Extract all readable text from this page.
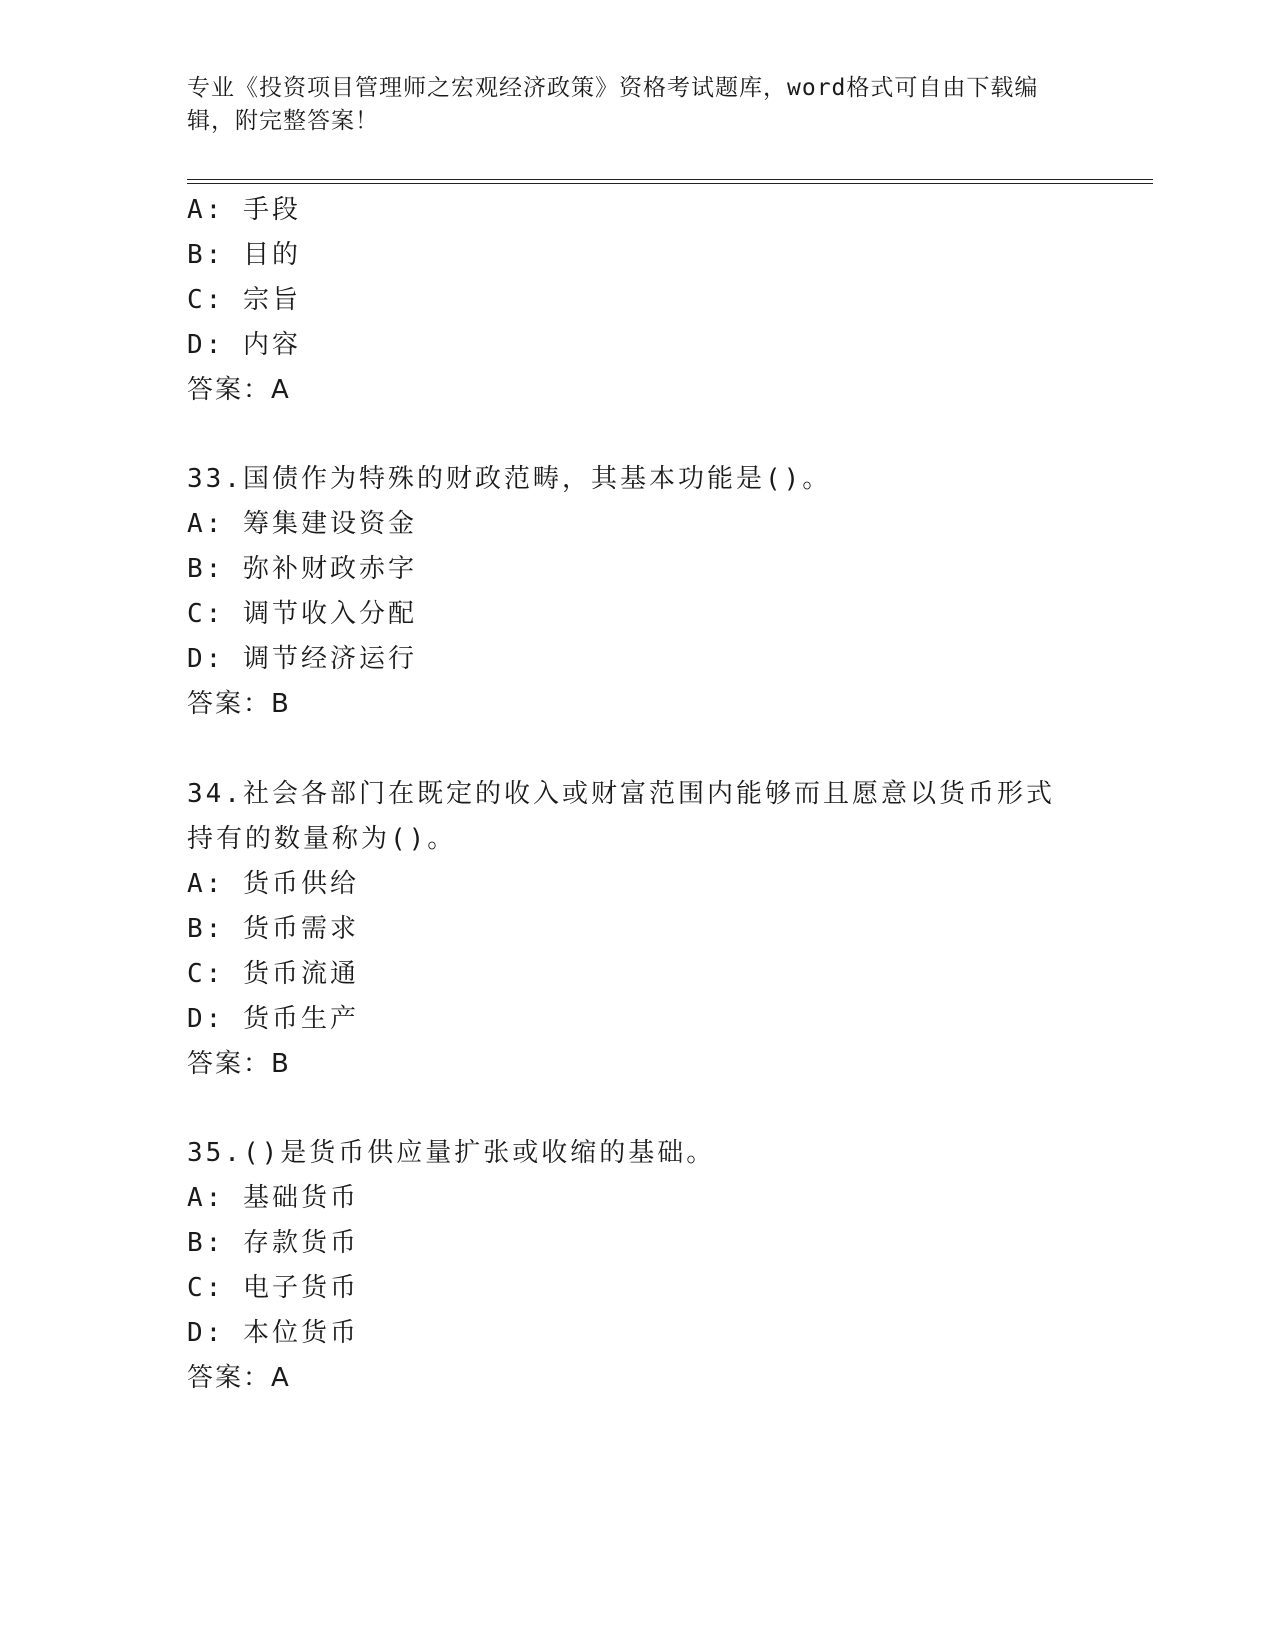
专业《投资项目管理师之宏观经济政策》资格考试题库，word格式可自由下载编辑，附完整答案！
A: 手段
B: 目的
C: 宗旨
D: 内容
答案：A
33.国债作为特殊的财政范畴，其基本功能是()。
A: 筹集建设资金
B: 弥补财政赤字
C: 调节收入分配
D: 调节经济运行
答案：B
34.社会各部门在既定的收入或财富范围内能够而且愿意以货币形式持有的数量称为()。
A: 货币供给
B: 货币需求
C: 货币流通
D: 货币生产
答案：B
35.()是货币供应量扩张或收缩的基础。
A: 基础货币
B: 存款货币
C: 电子货币
D: 本位货币
答案：A
